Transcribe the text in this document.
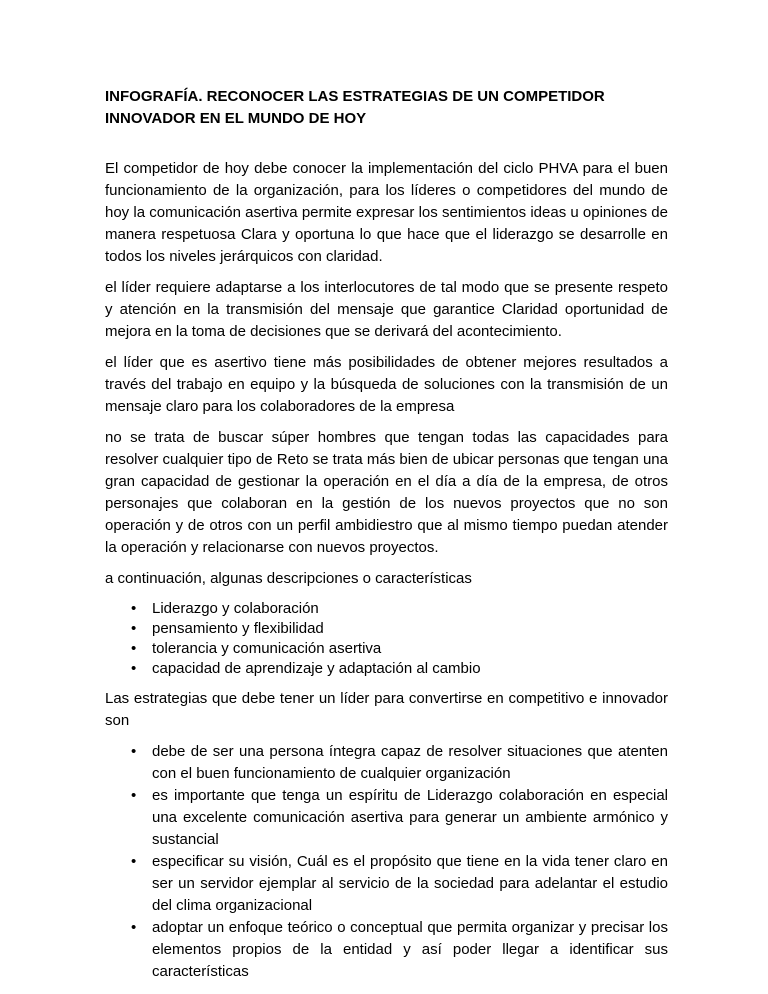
INFOGRAFÍA. RECONOCER LAS ESTRATEGIAS DE UN COMPETIDOR INNOVADOR EN EL MUNDO DE HOY

El competidor de hoy debe conocer la implementación del ciclo PHVA para el buen funcionamiento de la organización, para los líderes o competidores del mundo de hoy la comunicación asertiva permite expresar los sentimientos ideas u opiniones de manera respetuosa Clara y oportuna lo que hace que el liderazgo se desarrolle en todos los niveles jerárquicos con claridad.

el líder requiere adaptarse a los interlocutores de tal modo que se presente respeto y atención en la transmisión del mensaje que garantice Claridad oportunidad de mejora en la toma de decisiones que se derivará del acontecimiento.

el líder que es asertivo tiene más posibilidades de obtener mejores resultados a través del trabajo en equipo y la búsqueda de soluciones con la transmisión de un mensaje claro para los colaboradores de la empresa

no se trata de buscar súper hombres que tengan todas las capacidades para resolver cualquier tipo de Reto se trata más bien de ubicar personas que tengan una gran capacidad de gestionar la operación en el día a día de la empresa, de otros personajes que colaboran en la gestión de los nuevos proyectos que no son operación y de otros con un perfil ambidiestro que al mismo tiempo puedan atender la operación y relacionarse con nuevos proyectos.

a continuación, algunas descripciones o características

• Liderazgo y colaboración
• pensamiento y flexibilidad
• tolerancia y comunicación asertiva
• capacidad de aprendizaje y adaptación al cambio

Las estrategias que debe tener un líder para convertirse en competitivo e innovador son

• debe de ser una persona íntegra capaz de resolver situaciones que atenten con el buen funcionamiento de cualquier organización
• es importante que tenga un espíritu de Liderazgo colaboración en especial una excelente comunicación asertiva para generar un ambiente armónico y sustancial
• especificar su visión, Cuál es el propósito que tiene en la vida tener claro en ser un servidor ejemplar al servicio de la sociedad para adelantar el estudio del clima organizacional
• adoptar un enfoque teórico o conceptual que permita organizar y precisar los elementos propios de la entidad y así poder llegar a identificar sus características
